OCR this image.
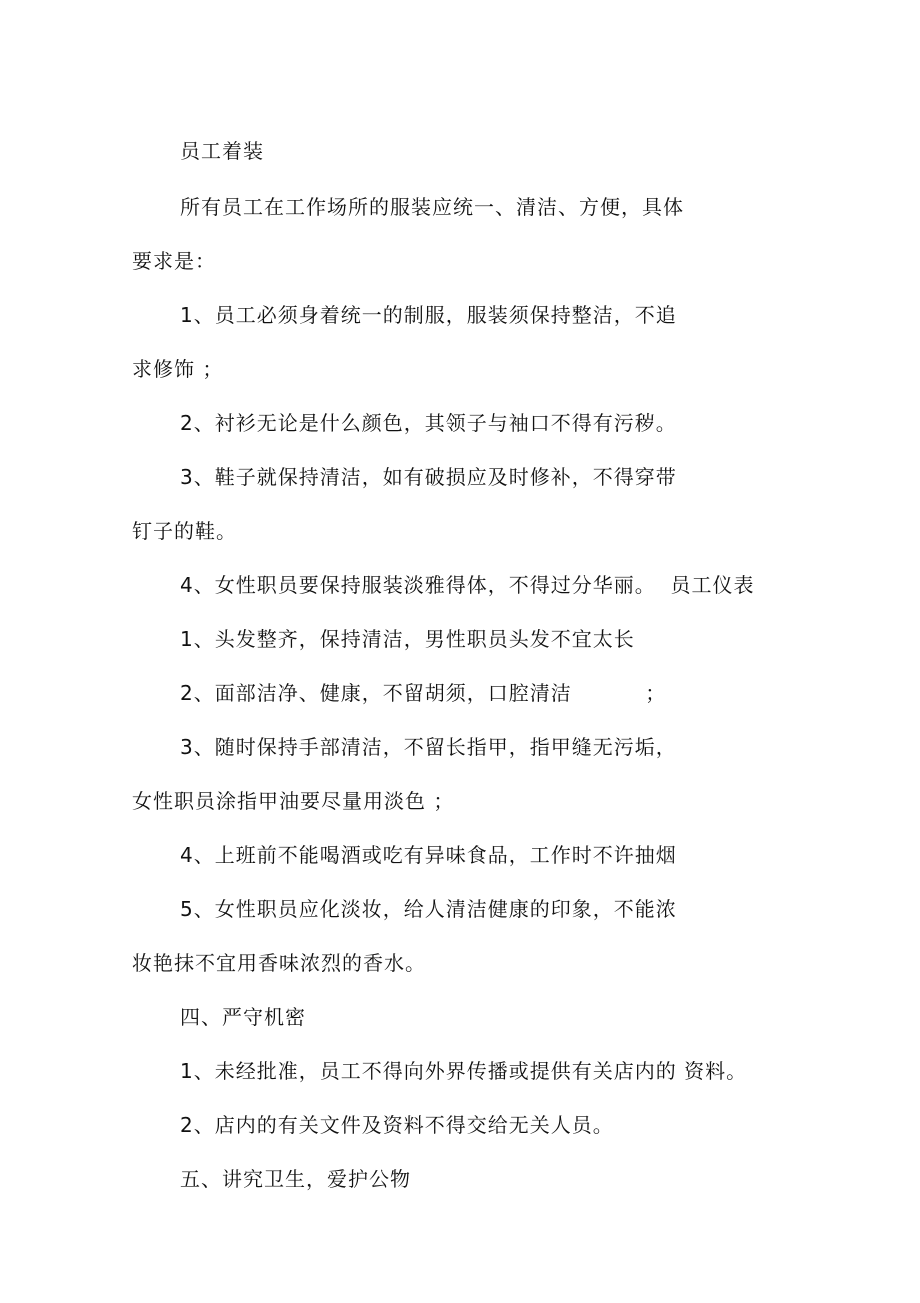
员工着装
所有员工在工作场所的服装应统一、清洁、方便，具体
要求是：
1、员工必须身着统一的制服，服装须保持整洁，不追
求修饰 ；
2、衬衫无论是什么颜色，其领子与袖口不得有污秽。
3、鞋子就保持清洁，如有破损应及时修补，不得穿带
钉子的鞋。
4、女性职员要保持服装淡雅得体，不得过分华丽。  员工仪表
1、头发整齐，保持清洁，男性职员头发不宜太长
2、面部洁净、健康，不留胡须，口腔清洁          ；
3、随时保持手部清洁，不留长指甲，指甲缝无污垢，
女性职员涂指甲油要尽量用淡色 ；
4、上班前不能喝酒或吃有异味食品，工作时不许抽烟
5、女性职员应化淡妆，给人清洁健康的印象，不能浓
妆艳抹不宜用香味浓烈的香水。
四、严守机密
1、未经批准，员工不得向外界传播或提供有关店内的 资料。
2、店内的有关文件及资料不得交给无关人员。
五、讲究卫生，爱护公物
